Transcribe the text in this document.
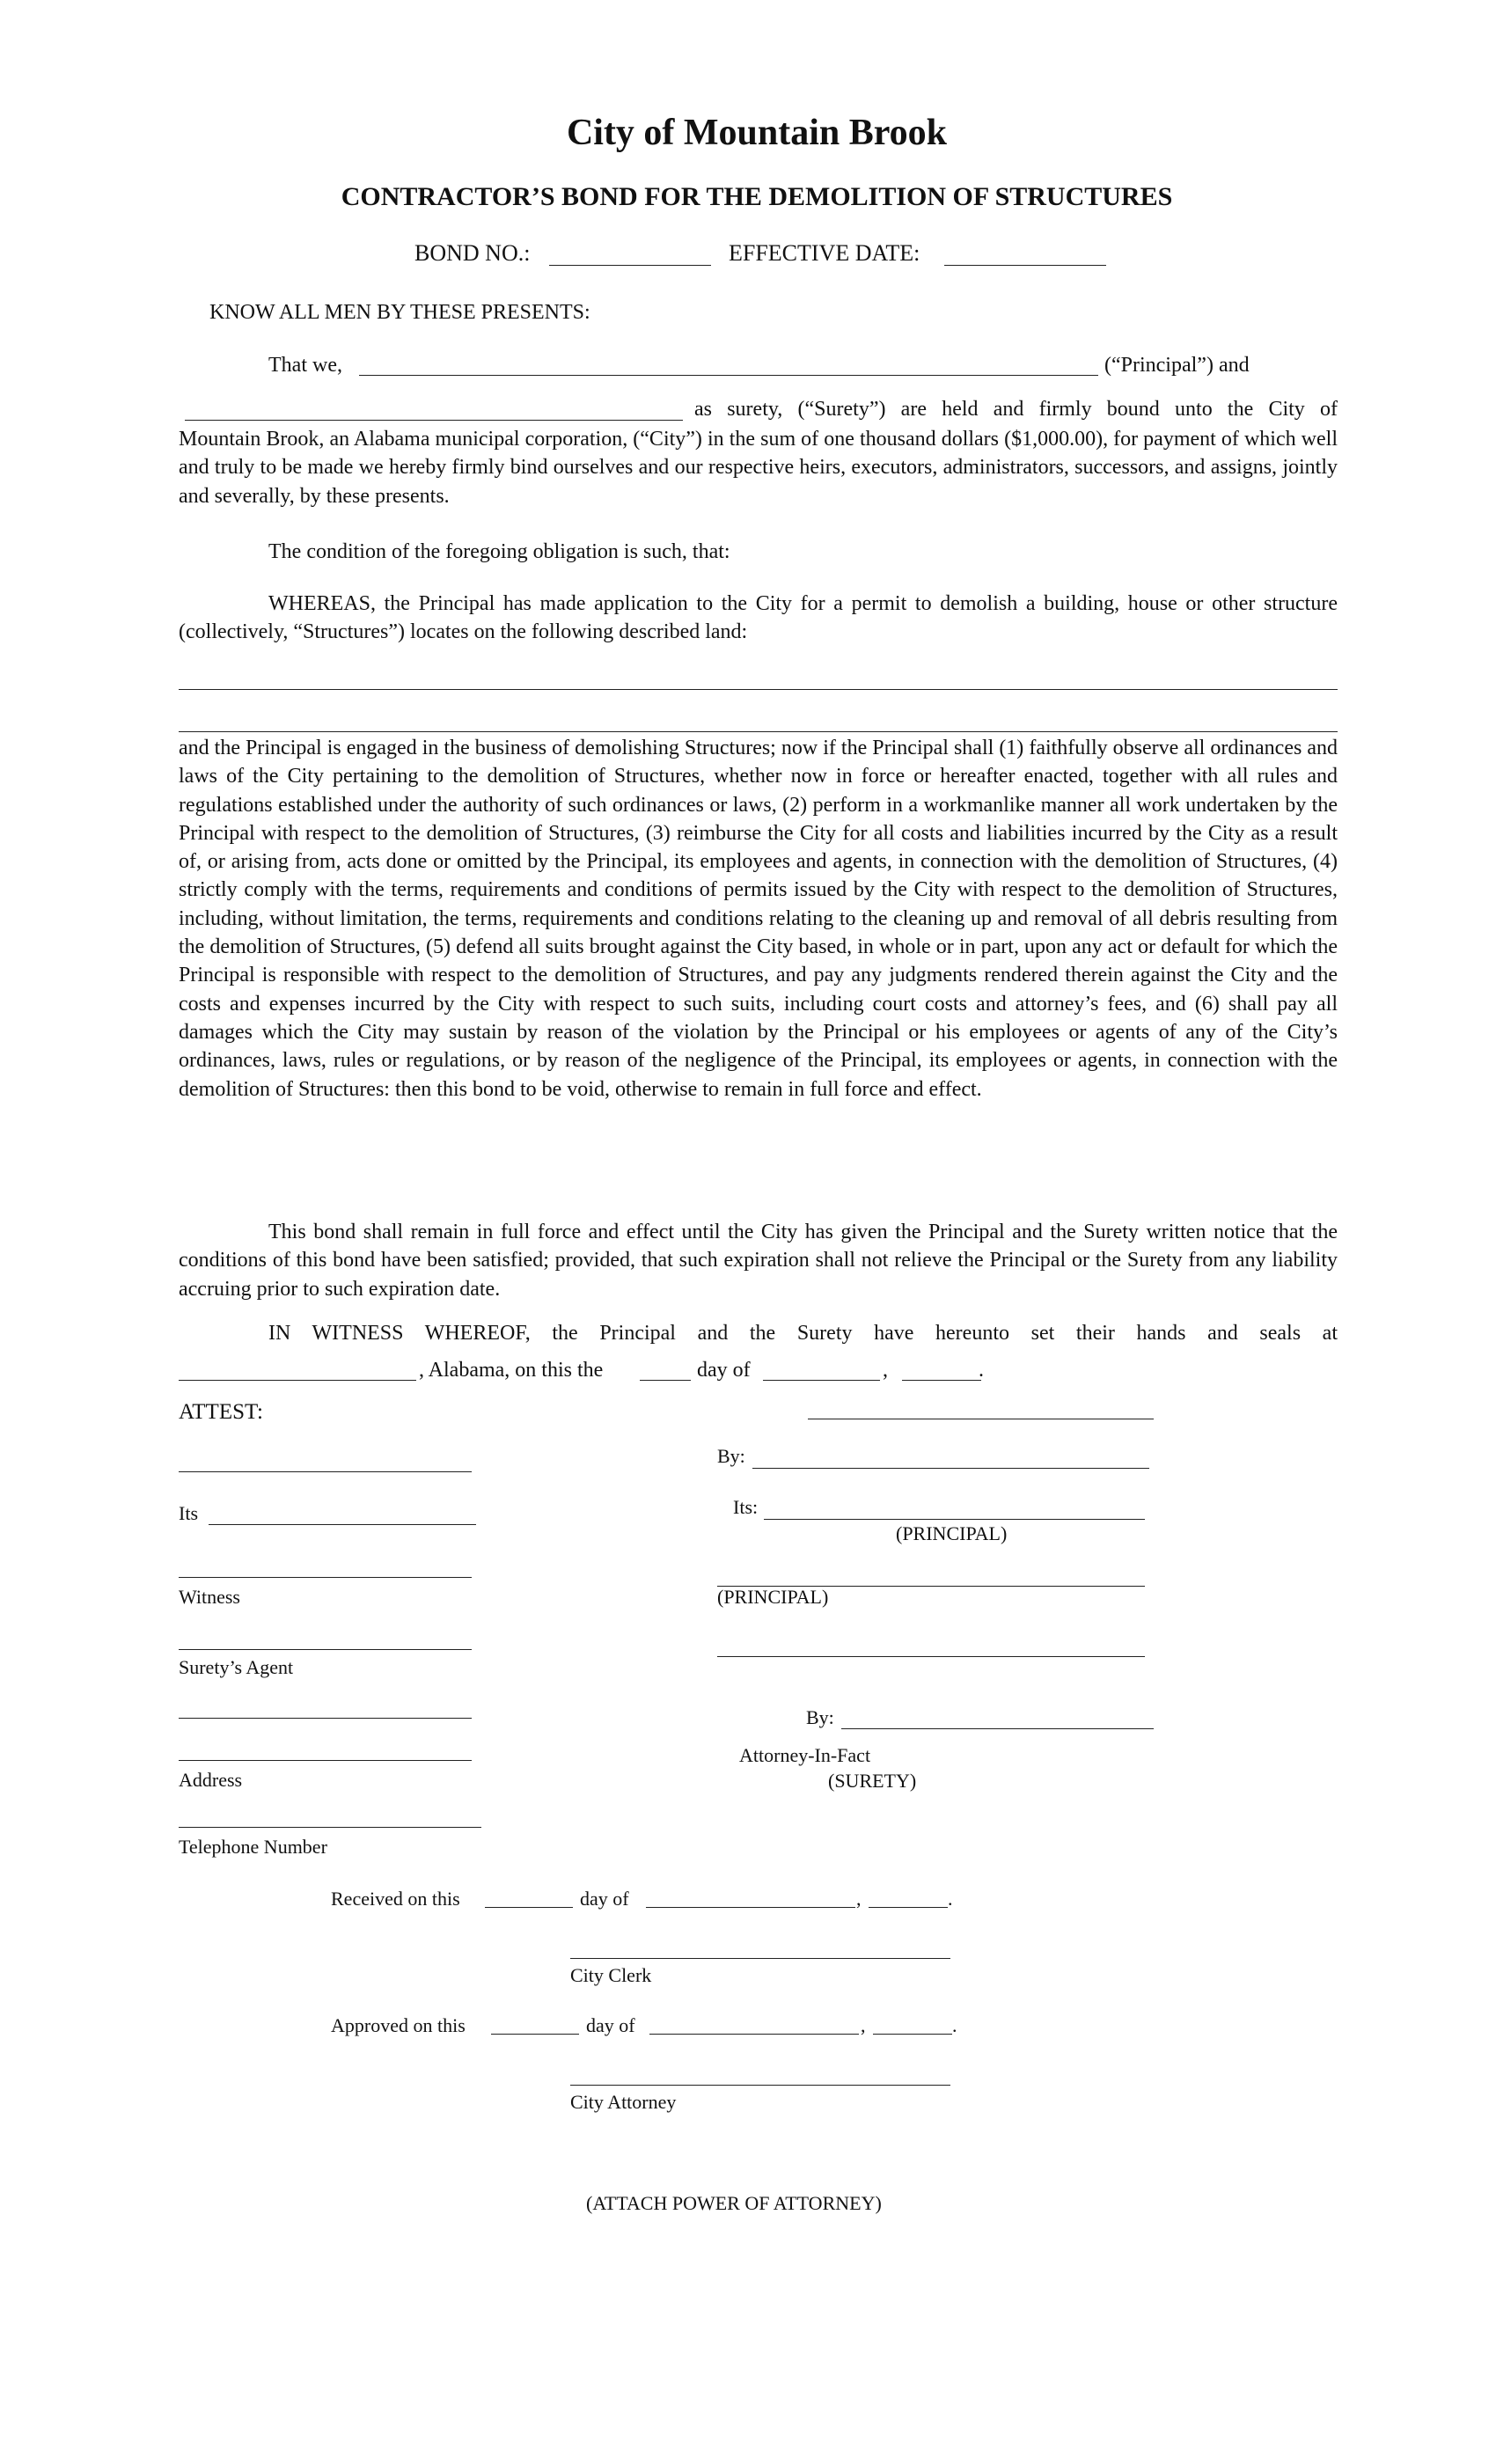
City of Mountain Brook
CONTRACTOR’S BOND FOR THE DEMOLITION OF STRUCTURES
BOND NO.:	EFFECTIVE DATE:
KNOW ALL MEN BY THESE PRESENTS:
That we,	(“Principal”) and
as surety, (“Surety”) are held and firmly bound unto the City of
Mountain Brook, an Alabama municipal corporation, (“City”) in the sum of one thousand dollars ($1,000.00), for payment of which well and truly to be made we hereby firmly bind ourselves and our respective heirs, executors, administrators, successors, and assigns, jointly and severally, by these presents.
The condition of the foregoing obligation is such, that:
WHEREAS, the Principal has made application to the City for a permit to demolish a building, house or other structure (collectively, “Structures”) locates on the following described land:
and the Principal is engaged in the business of demolishing Structures; now if the Principal shall (1) faithfully observe all ordinances and laws of the City pertaining to the demolition of Structures, whether now in force or hereafter enacted, together with all rules and regulations established under the authority of such ordinances or laws, (2) perform in a workmanlike manner all work undertaken by the Principal with respect to the demolition of Structures, (3) reimburse the City for all costs and liabilities incurred by the City as a result of, or arising from, acts done or omitted by the Principal, its employees and agents, in connection with the demolition of Structures, (4) strictly comply with the terms, requirements and conditions of permits issued by the City with respect to the demolition of Structures, including, without limitation, the terms, requirements and conditions relating to the cleaning up and removal of all debris resulting from the demolition of Structures, (5) defend all suits brought against the City based, in whole or in part, upon any act or default for which the Principal is responsible with respect to the demolition of Structures, and pay any judgments rendered therein against the City and the costs and expenses incurred by the City with respect to such suits, including court costs and attorney’s fees, and (6) shall pay all damages which the City may sustain by reason of the violation by the Principal or his employees or agents of any of the City’s ordinances, laws, rules or regulations, or by reason of the negligence of the Principal, its employees or agents, in connection with the demolition of Structures: then this bond to be void, otherwise to remain in full force and effect.
This bond shall remain in full force and effect until the City has given the Principal and the Surety written notice that the conditions of this bond have been satisfied; provided, that such expiration shall not relieve the Principal or the Surety from any liability accruing prior to such expiration date.
IN WITNESS WHEREOF, the Principal and the Surety have hereunto set their hands and seals at
, Alabama, on this the	day of	,	.
ATTEST:
Its
Witness
Surety’s Agent
Address
Telephone Number
By:
Its:
(PRINCIPAL)
(PRINCIPAL)
By:
Attorney-In-Fact
(SURETY)
Received on this	day of	,	.
City Clerk
Approved on this	day of	,	.
City Attorney
(ATTACH POWER OF ATTORNEY)
